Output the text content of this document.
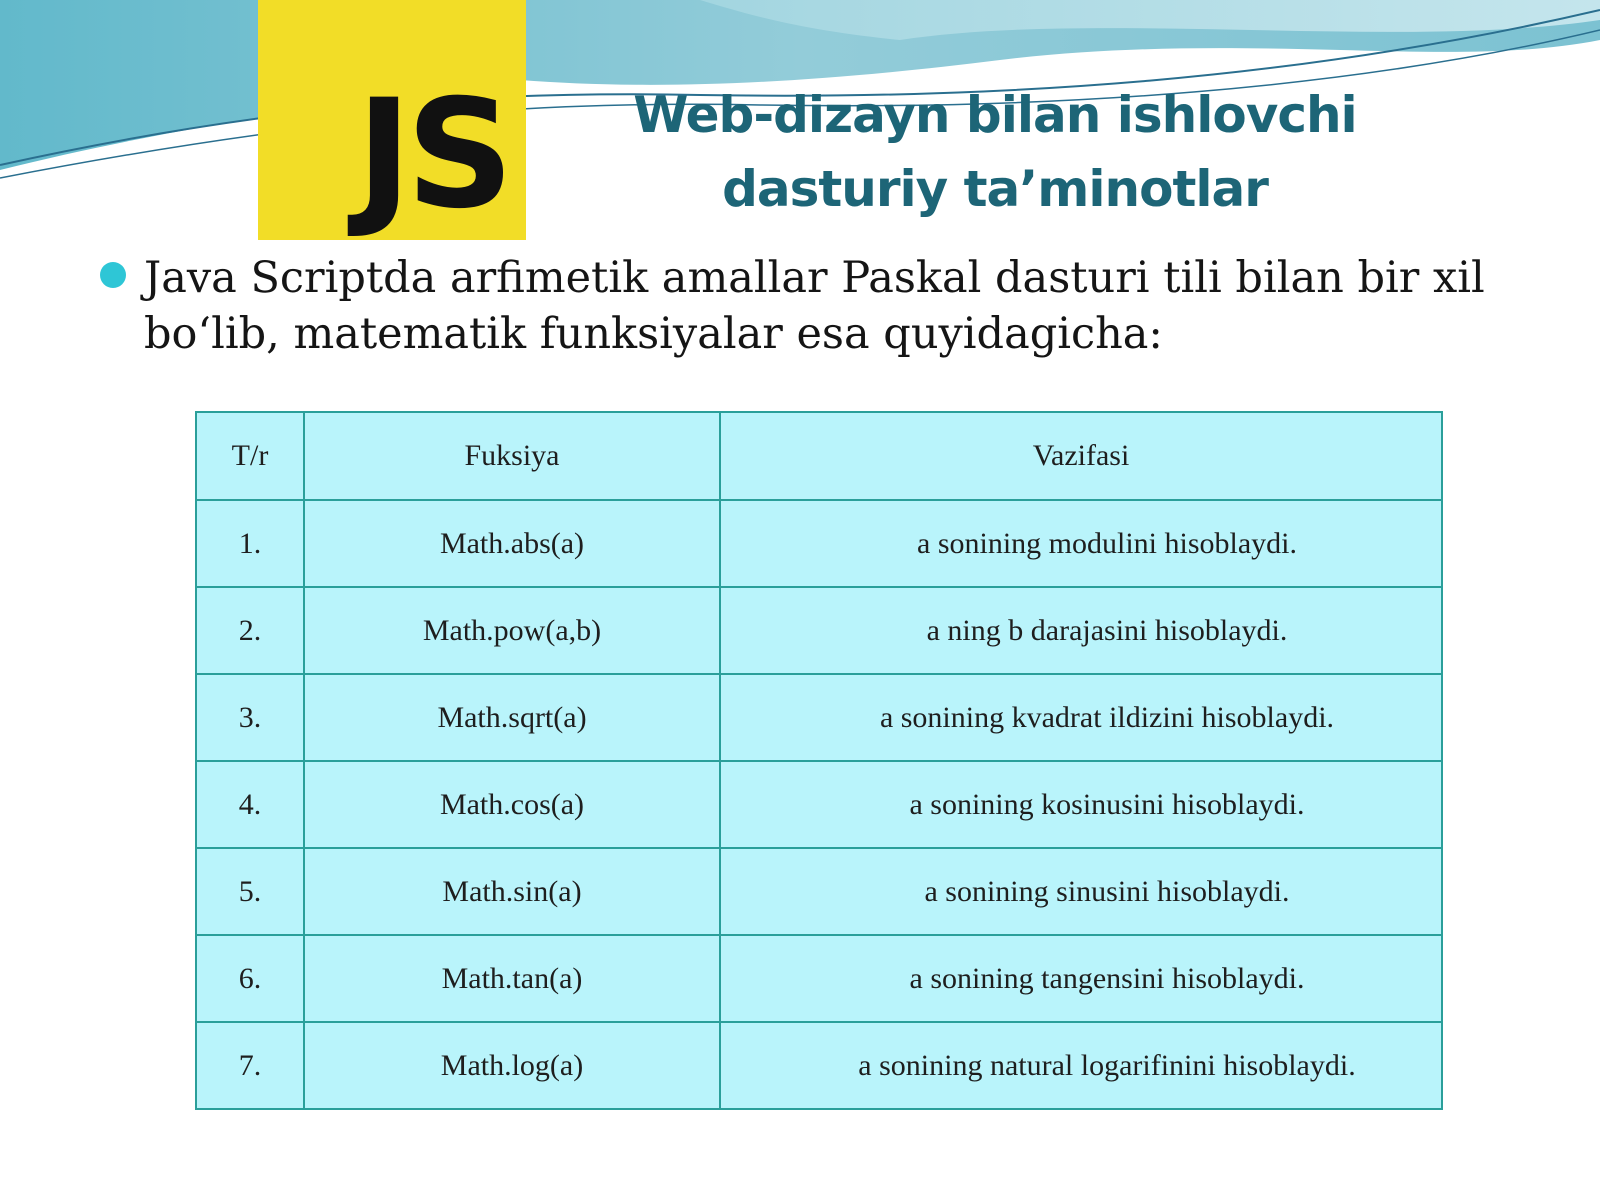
JS	Web-dizayn bilan ishlovchi
dasturiy ta’minotlar
Java Scriptda arfimetik amallar Paskal dasturi tili bilan bir xil bo‘lib, matematik funksiyalar esa quyidagicha:
T/r	Fuksiya	Vazifasi
1.	Math.abs(a)	a sonining modulini hisoblaydi.
2.	Math.pow(a,b)	a ning b darajasini hisoblaydi.
3.	Math.sqrt(a)	a sonining kvadrat ildizini hisoblaydi.
4.	Math.cos(a)	a sonining kosinusini hisoblaydi.
5.	Math.sin(a)	a sonining sinusini hisoblaydi.
6.	Math.tan(a)	a sonining tangensini hisoblaydi.
7.	Math.log(a)	a sonining natural logarifinini hisoblaydi.
